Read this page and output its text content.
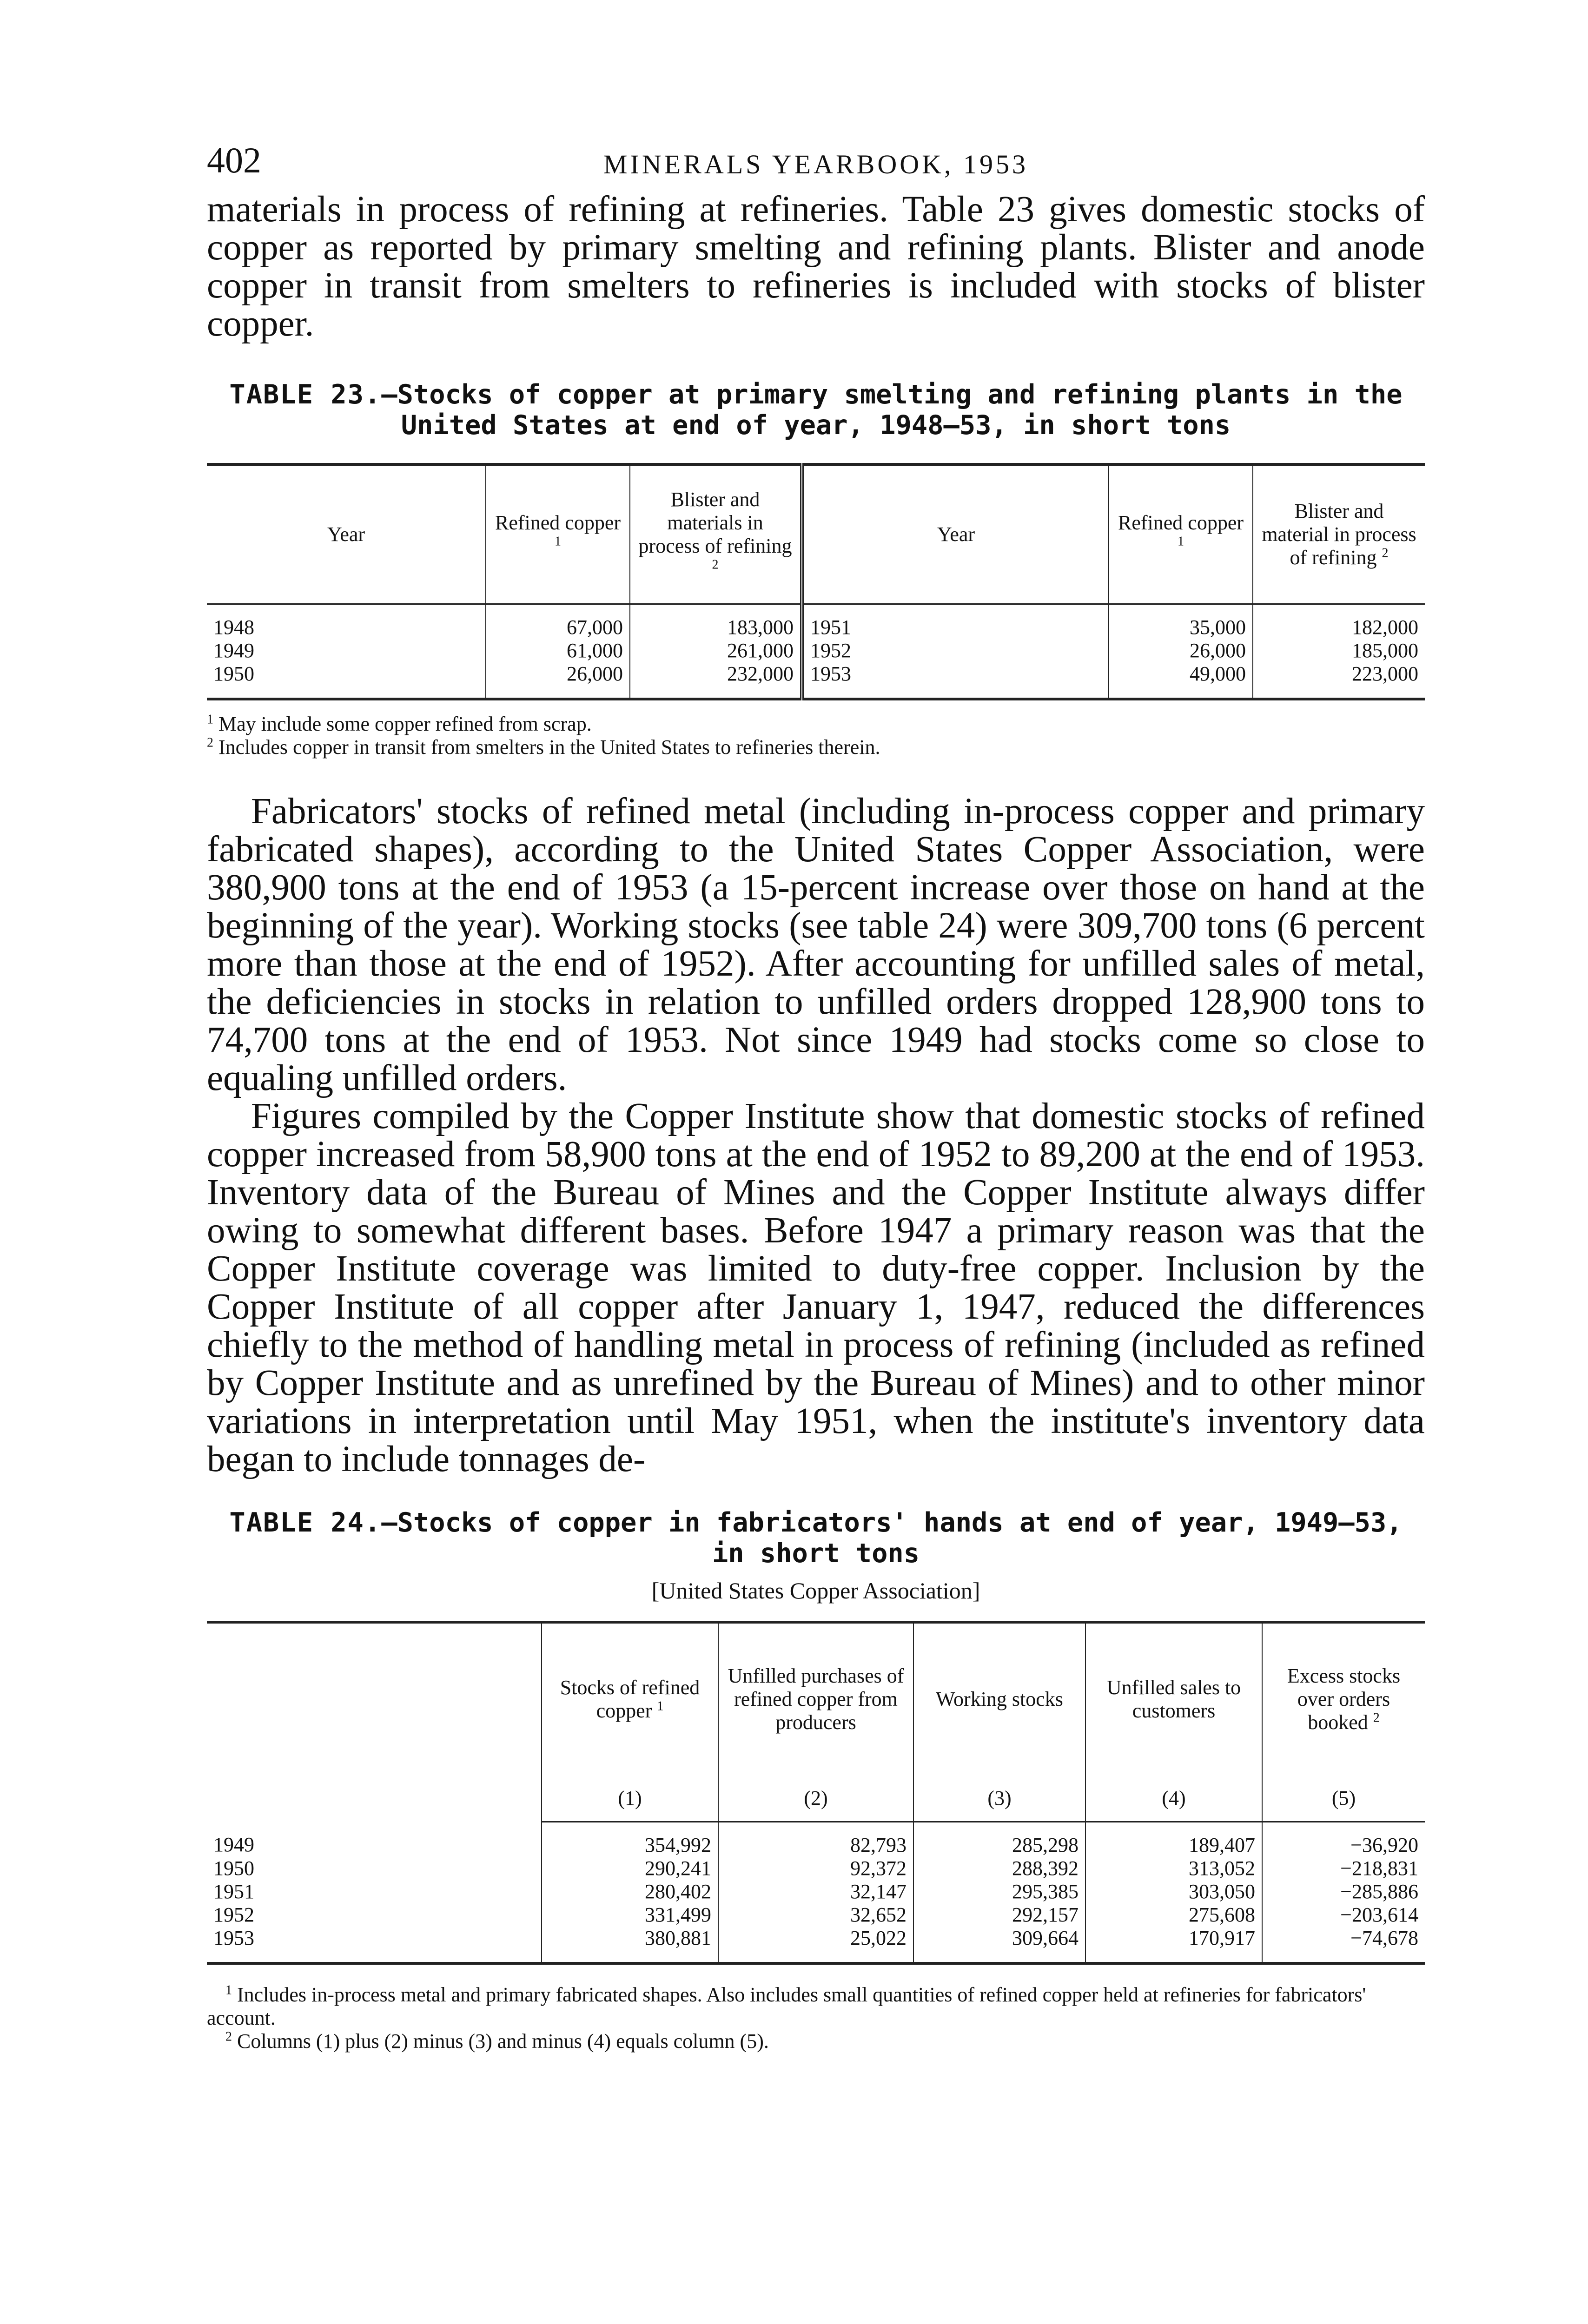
402	MINERALS YEARBOOK, 1953

materials in process of refining at refineries. Table 23 gives domestic stocks of copper as reported by primary smelting and refining plants. Blister and anode copper in transit from smelters to refineries is included with stocks of blister copper.

TABLE 23.—Stocks of copper at primary smelting and refining plants in the United States at end of year, 1948–53, in short tons
Year	Refined copper $^1$	Blister and materials in process of refining $^2$	Year	Refined copper $^1$	Blister and material in process of refining $^2$
1948	67,000	183,000	1951	35,000	182,000
1949	61,000	261,000	1952	26,000	185,000
1950	26,000	232,000	1953	49,000	223,000

$^1$ May include some copper refined from scrap.

$^2$ Includes copper in transit from smelters in the United States to refineries therein.

Fabricators' stocks of refined metal (including in-process copper and primary fabricated shapes), according to the United States Copper Association, were 380,900 tons at the end of 1953 (a 15-percent increase over those on hand at the beginning of the year). Working stocks (see table 24) were 309,700 tons (6 percent more than those at the end of 1952). After accounting for unfilled sales of metal, the deficiencies in stocks in relation to unfilled orders dropped 128,900 tons to 74,700 tons at the end of 1953. Not since 1949 had stocks come so close to equaling unfilled orders.

Figures compiled by the Copper Institute show that domestic stocks of refined copper increased from 58,900 tons at the end of 1952 to 89,200 at the end of 1953. Inventory data of the Bureau of Mines and the Copper Institute always differ owing to somewhat different bases. Before 1947 a primary reason was that the Copper Institute coverage was limited to duty-free copper. Inclusion by the Copper Institute of all copper after January 1, 1947, reduced the differences chiefly to the method of handling metal in process of refining (included as refined by Copper Institute and as unrefined by the Bureau of Mines) and to other minor variations in interpretation until May 1951, when the institute's inventory data began to include tonnages de-

TABLE 24.—Stocks of copper in fabricators' hands at end of year, 1949–53, in short tons
[United States Copper Association]
	Stocks of refined copper $^1$	Unfilled purchases of refined copper from producers	Working stocks	Unfilled sales to customers	Excess stocks over orders booked $^2$
	(1)	(2)	(3)	(4)	(5)
1949	354,992	82,793	285,298	189,407	−36,920
1950	290,241	92,372	288,392	313,052	−218,831
1951	280,402	32,147	295,385	303,050	−285,886
1952	331,499	32,652	292,157	275,608	−203,614
1953	380,881	25,022	309,664	170,917	−74,678

$^1$ Includes in-process metal and primary fabricated shapes. Also includes small quantities of refined copper held at refineries for fabricators' account.

$^2$ Columns (1) plus (2) minus (3) and minus (4) equals column (5).
